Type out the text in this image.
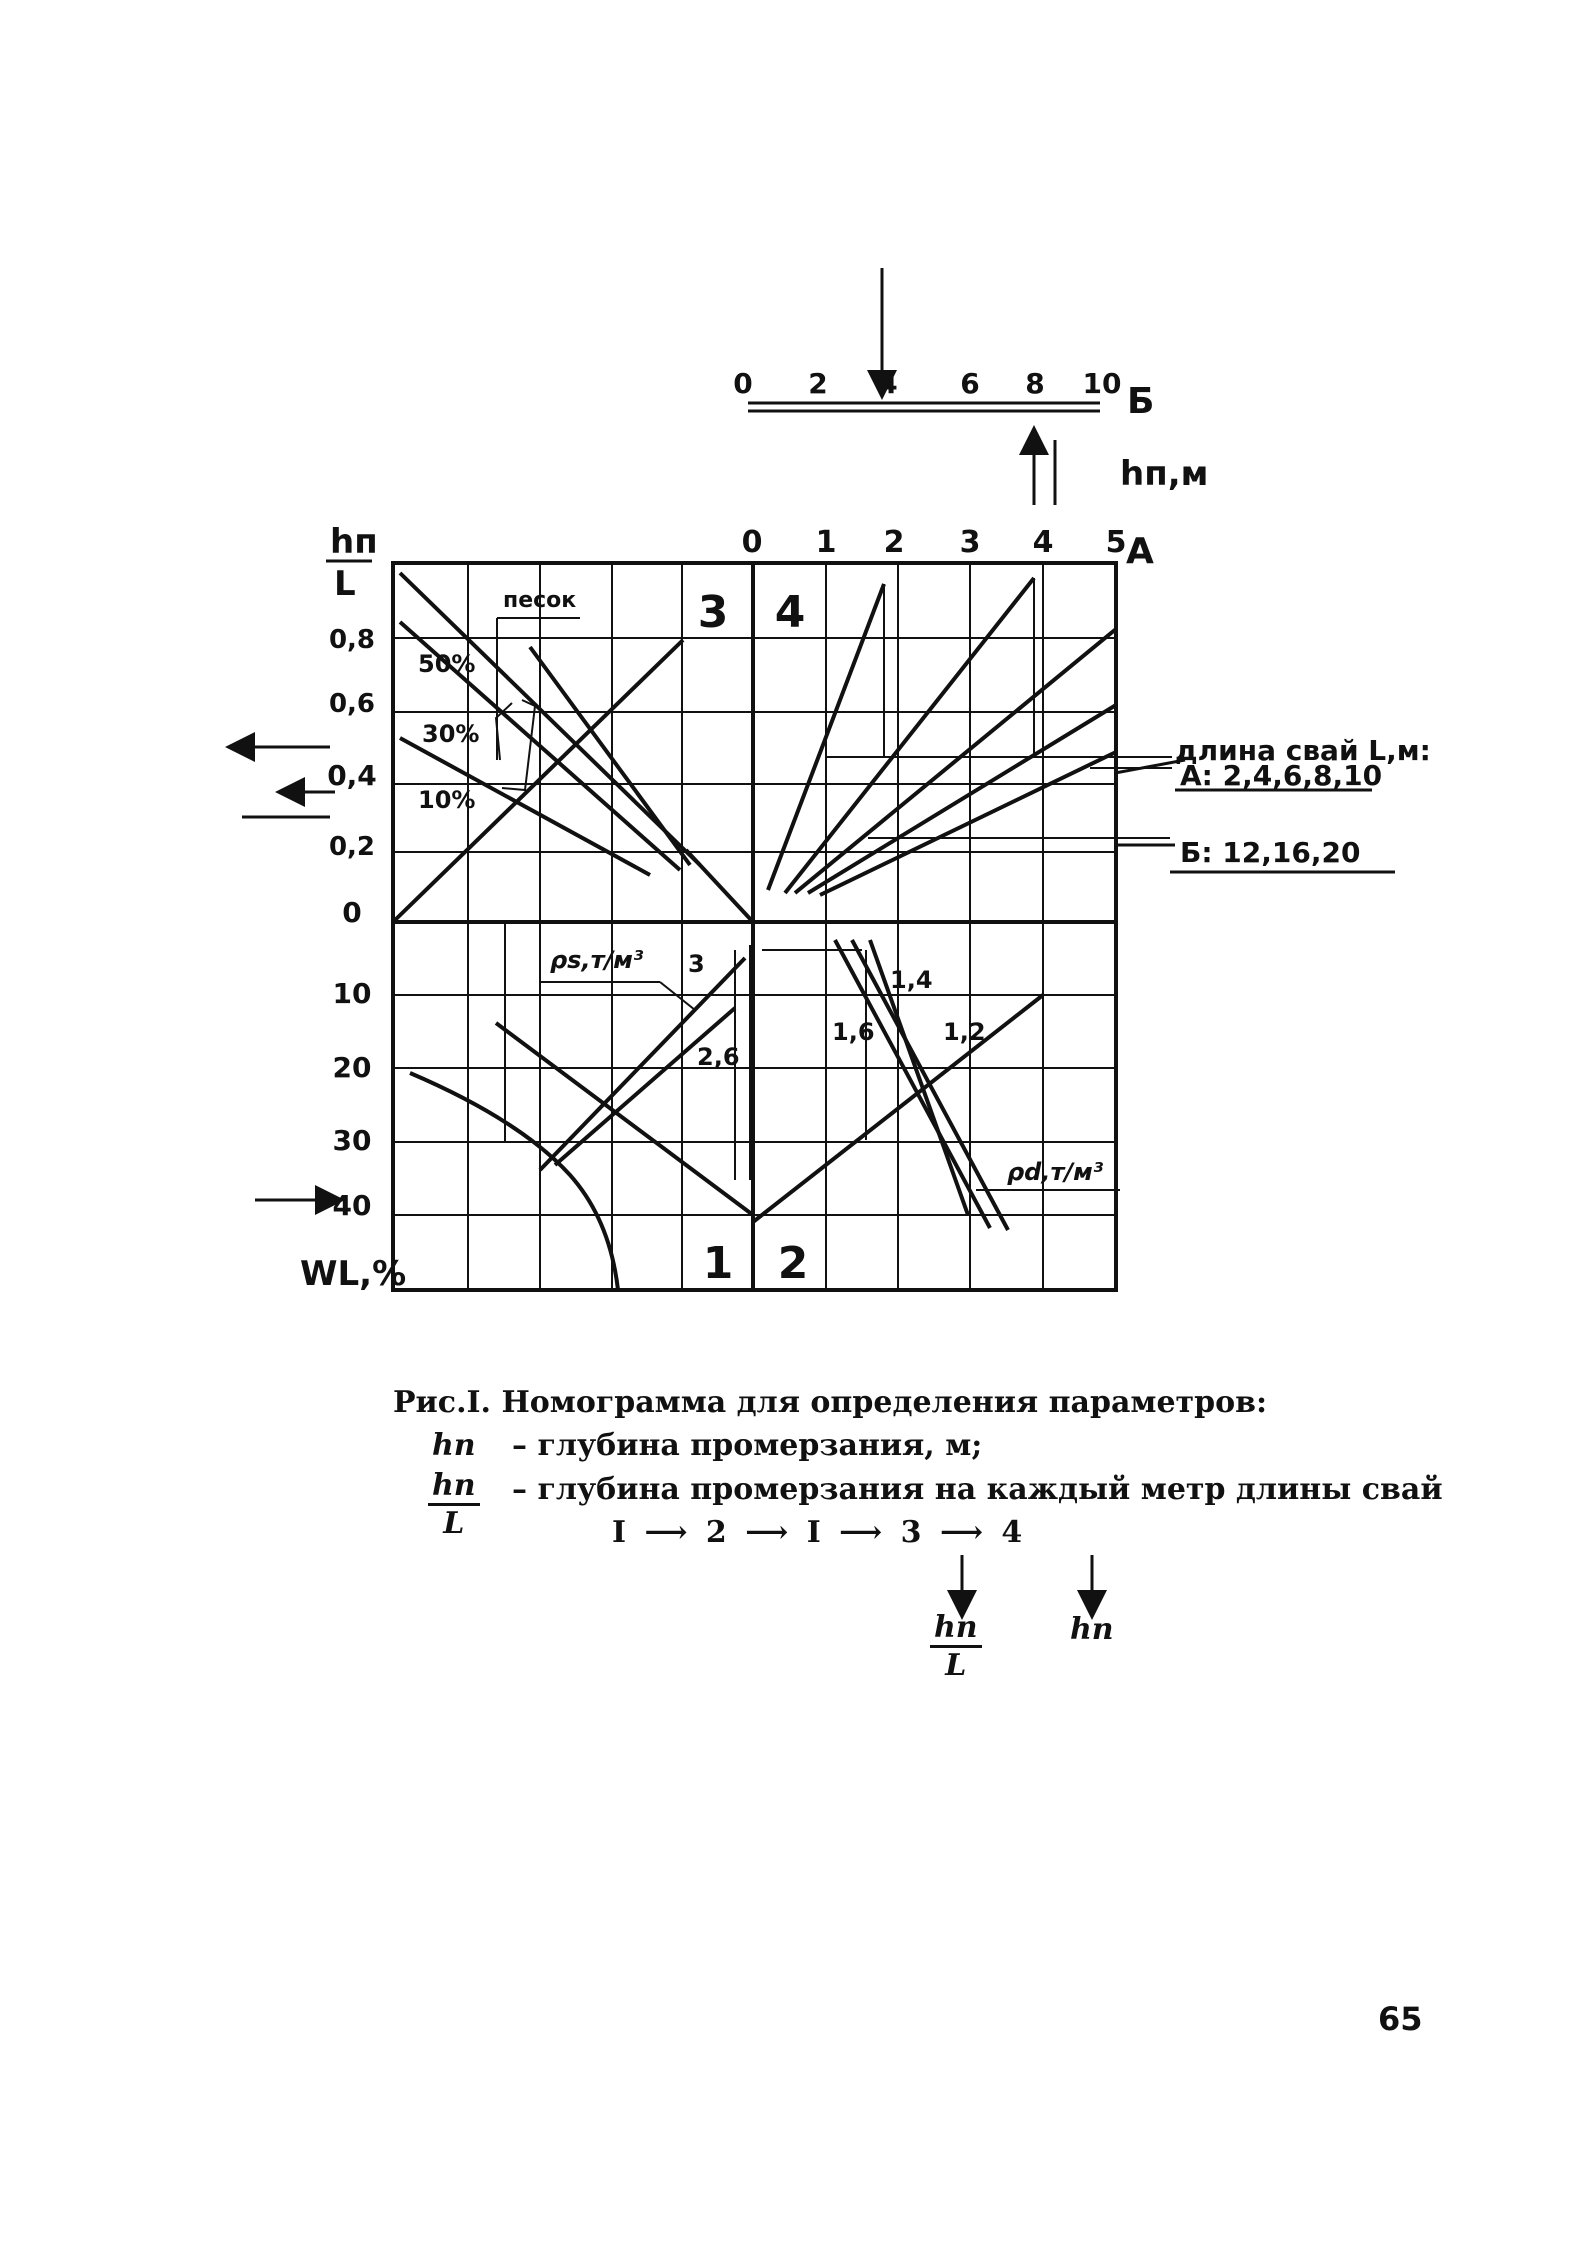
0 2 4 6 8 10 Б
0 1 2 3 4 5 А
hп,м
hп
L
0,8
0,6
0,4
0,2
0
10
20
30
40
WL,%
3 4
1 2
песок
50%
30%
10%
ρs,т/м³ 3
2,6
ρd,т/м³
1,4
1,6	1,2
длина свай L,м:
А: 2,4,6,8,10
Б: 12,16,20
Рис.I. Номограмма для определения параметров:
hп – глубина промерзания, м;
hп
L
– глубина промерзания на каждый метр длины свай
I ⟶ 2 ⟶ I ⟶ 3 ⟶ 4
hп
L
hп
65
